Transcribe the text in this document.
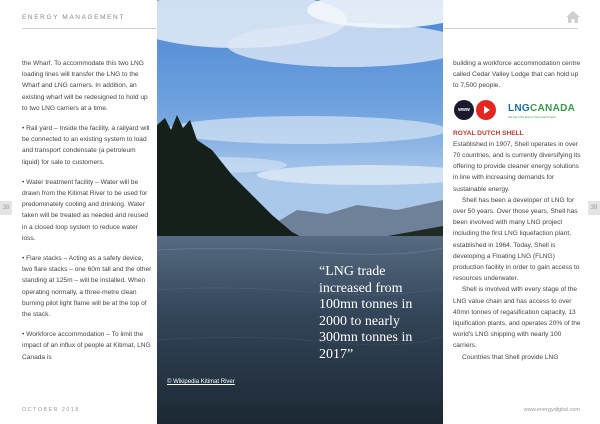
ENERGY MANAGEMENT

the Wharf. To accommodate this two LNG loading lines will transfer the LNG to the Wharf and LNG carriers. In addition, an existing wharf will be redesigned to hold up to two LNG carriers at a time.

• Rail yard – Inside the facility, a railyard will be connected to an existing system to load and transport condensate (a petroleum liquid) for sale to customers.

• Water treatment facility – Water will be drawn from the Kitimat River to be used for predominately cooling and drinking. Water taken will be treated as needed and reused in a closed loop system to reduce water loss.

• Flare stacks – Acting as a safety device, two flare stacks – one 60m tall and the other standing at 125m – will be installed. When operating normally, a three-metre clean burning pilot light flame will be at the top of the stack.

• Workforce accommodation – To limit the impact of an influx of people at Kitimat, LNG Canada is

38	39
“LNG trade increased from 100mn tonnes in 2000 to nearly 300mn tonnes in 2017”
© Wikipedia Kitimat River

building a workforce accommodation centre called Cedar Valley Lodge that can hold up to 7,500 people.

ROYAL DUTCH SHELL

Established in 1907, Shell operates in over 70 countries, and is currently diversifying its offering to provide cleaner energy solutions in line with increasing demands for sustainable energy.

Shell has been a developer of LNG for over 50 years. Over those years, Shell has been involved with many LNG project including the first LNG liquefaction plant, established in 1964. Today, Shell is developing a Floating LNG (FLNG) production facility in order to gain access to resources underwater.

Shell is involved with every stage of the LNG value chain and has access to over 40mn tonnes of regasification capacity, 13 liquification plants, and operates 20% of the world's LNG shipping with nearly 100 carriers.

Countries that Shell provide LNG

www	LNGCANADA
Kitimat LNG Export Terminal Project
OCTOBER 2018	www.energydigital.com
